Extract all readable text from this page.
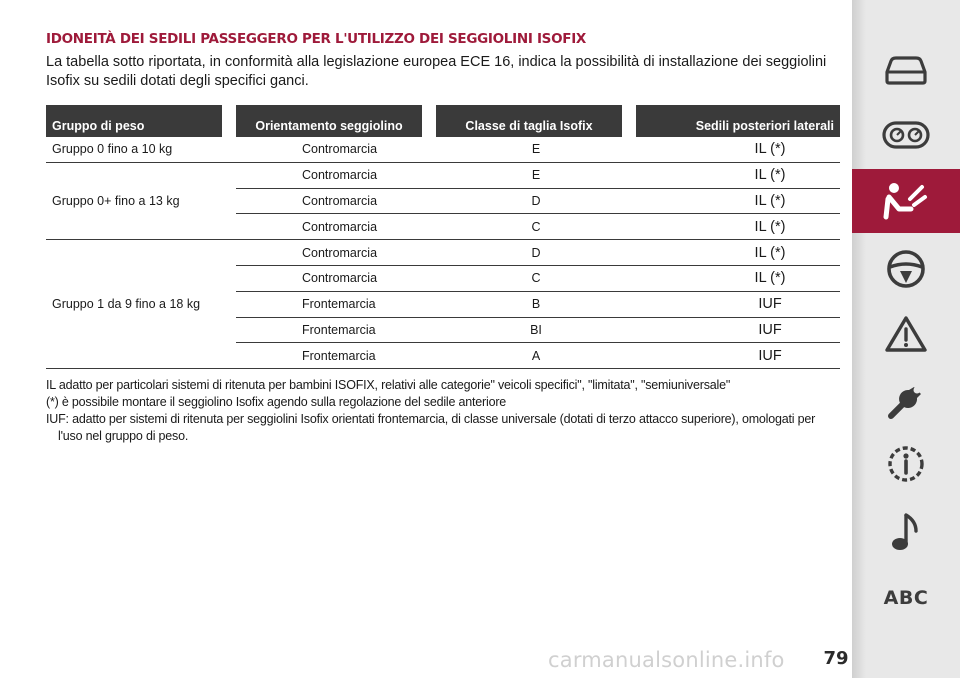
IDONEITÀ DEI SEDILI PASSEGGERO PER L'UTILIZZO DEI SEGGIOLINI ISOFIX
La tabella sotto riportata, in conformità alla legislazione europea ECE 16, indica la possibilità di installazione dei seggiolini Isofix su sedili dotati degli specifici ganci.
Gruppo di peso	Orientamento seggiolino	Classe di taglia Isofix	Sedili posteriori laterali
Gruppo 0 fino a 10 kg	Contromarcia	E	IL (*)
Gruppo 0+ fino a 13 kg	Contromarcia	E	IL (*)
	Contromarcia	D	IL (*)
	Contromarcia	C	IL (*)
Gruppo 1 da 9 fino a 18 kg	Contromarcia	D	IL (*)
	Contromarcia	C	IL (*)
	Frontemarcia	B	IUF
	Frontemarcia	BI	IUF
	Frontemarcia	A	IUF

IL adatto per particolari sistemi di ritenuta per bambini ISOFIX, relativi alle categorie" veicoli specifici", "limitata", "semiuniversale"

(*) è possibile montare il seggiolino Isofix agendo sulla regolazione del sedile anteriore

IUF: adatto per sistemi di ritenuta per seggiolini Isofix orientati frontemarcia, di classe universale (dotati di terzo attacco superiore), omologati per l'uso nel gruppo di peso.

ABC
carmanualsonline.info	79
